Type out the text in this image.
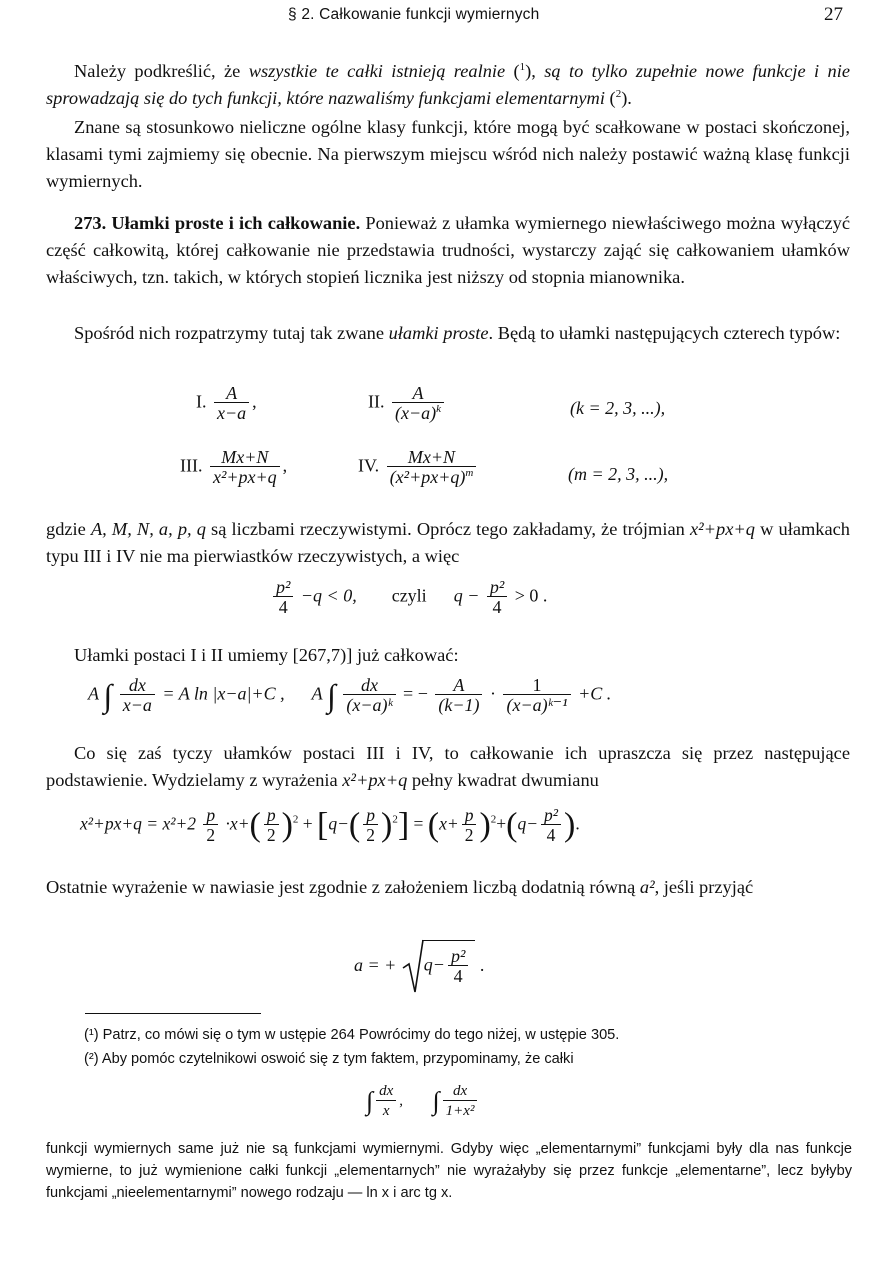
§ 2. Całkowanie funkcji wymiernych	27

Należy podkreślić, że wszystkie te całki istnieją realnie ($^1$), są to tylko zupełnie nowe funkcje i nie sprowadzają się do tych funkcji, które nazwaliśmy funkcjami elementarnymi ($^2$).

Znane są stosunkowo nieliczne ogólne klasy funkcji, które mogą być scałkowane w postaci skończonej, klasami tymi zajmiemy się obecnie. Na pierwszym miejscu wśród nich należy postawić ważną klasę funkcji wymiernych.

273. Ułamki proste i ich całkowanie. Ponieważ z ułamka wymiernego niewłaściwego można wyłączyć część całkowitą, której całkowanie nie przedstawia trudności, wystarczy zająć się całkowaniem ułamków właściwych, tzn. takich, w których stopień licznika jest niższy od stopnia mianownika.

Spośród nich rozpatrzymy tutaj tak zwane ułamki proste. Będą to ułamki następujących czterech typów:

I. $\frac{A}{x-a}$ ,	II. $\frac{A}{(x-a)^k}$	(k = 2, 3, ...),
III. $\frac{Mx+N}{\text{x²+px+q}}$ ,	IV. $\frac{Mx+N}{(x^2+px+q)^m}$	(m = 2, 3, ...),

gdzie A, M, N, a, p, q są liczbami rzeczywistymi. Oprócz tego zakładamy, że trójmian x²+px+q w ułamkach typu III i IV nie ma pierwiastków rzeczywistych, a więc

$\frac{\text{p²}}{4} -q < 0$, czyli $q - \frac{\text{p²}}{4} > 0$ .

Ułamki postaci I i II umiemy [267,7)] już całkować:

A ∫ $\frac{dx}{x-a} = A$ ln |x−a|+C , A ∫ $\frac{dx}{\text{(x−a)ᵏ}}$ = − $\frac{A}{(k-1)} \cdot \frac{1}{\text{(x−a)ᵏ⁻¹}} +C$ .

Co się zaś tyczy ułamków postaci III i IV, to całkowanie ich upraszcza się przez następujące podstawienie. Wydzielamy z wyrażenia x²+px+q pełny kwadrat dwumianu

$x^2+px+q = x^2+2 \frac{p}{2} \cdot x+( \frac{p}{2} )^2 + [q-( \frac{p}{2} )^2] = (x+ \frac{p}{2} )^2+(q- \frac{\text{p²}}{4}$ ).

Ostatnie wyrażenie w nawiasie jest zgodnie z założeniem liczbą dodatnią równą a², jeśli przyjąć

a = + $q- \frac{\text{p²}}{4}$ .

(¹) Patrz, co mówi się o tym w ustępie 264 Powrócimy do tego niżej, w ustępie 305.

(²) Aby pomóc czytelnikowi oswoić się z tym faktem, przypominamy, że całki

∫ $\frac{dx}{x}$ , ∫ $\frac{dx}{\text{1+x²}}$

funkcji wymiernych same już nie są funkcjami wymiernymi. Gdyby więc „elementarnymi” funkcjami były dla nas funkcje wymierne, to już wymienione całki funkcji „elementarnych” nie wyrażałyby się przez funkcje „elementarne”, lecz byłyby funkcjami „nieelementarnymi” nowego rodzaju — ln x i arc tg x.
